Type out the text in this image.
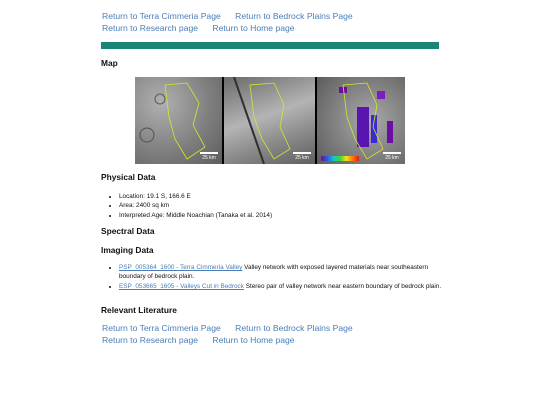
Return to Terra Cimmeria Page Return to Bedrock Plains Page
Return to Research page Return to Home page
Map
25 km	25 km	25 km
Physical Data
• Location: 19.1 S, 166.6 E
• Area: 2400 sq km
• Interpreted Age: Middle Noachian (Tanaka et al. 2014)
Spectral Data
Imaging Data
• PSP_005364_1600 - Terra Cimmeria Valley Valley network with exposed layered materials near southeastern boundary of bedrock plain.
• ESP_053665_1605 - Valleys Cut in Bedrock Stereo pair of valley network near eastern boundary of bedrock plain.
Relevant Literature
Return to Terra Cimmeria Page Return to Bedrock Plains Page
Return to Research page Return to Home page
